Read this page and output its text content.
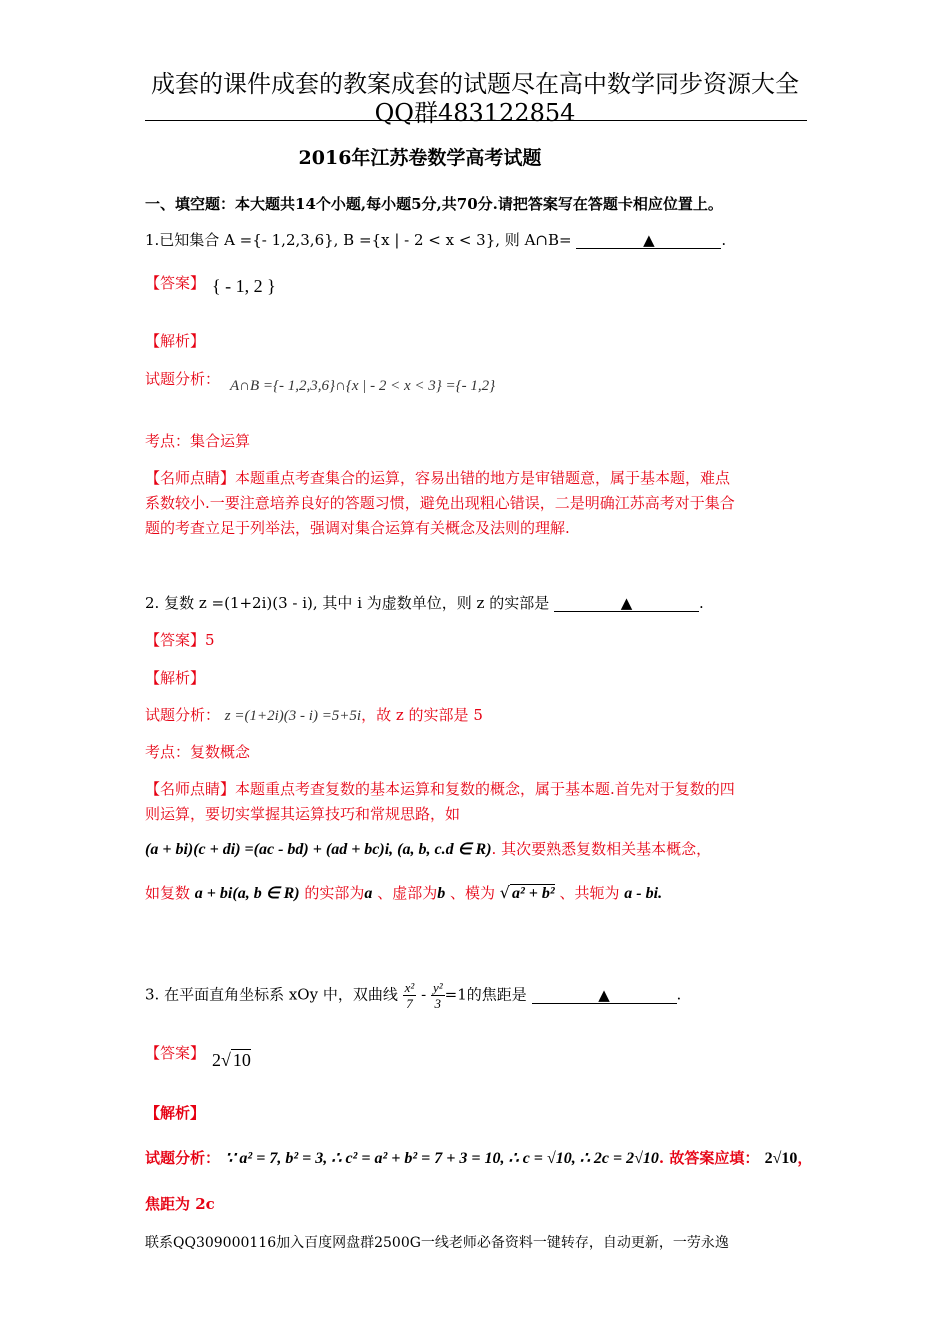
成套的课件成套的教案成套的试题尽在高中数学同步资源大全
QQ群483122854
2016年江苏卷数学高考试题
一、填空题：本大题共14个小题,每小题5分,共70分.请把答案写在答题卡相应位置上。
1.已知集合 A ={- 1,2,3,6}, B ={x | - 2 < x < 3}, 则 A∩B=	▲	.
【答案】 { - 1, 2 }
【解析】
试题分析： A∩B ={- 1,2,3,6}∩{x | - 2 < x < 3} ={- 1,2}
考点：集合运算
【名师点睛】本题重点考查集合的运算，容易出错的地方是审错题意，属于基本题，难点
系数较小.一要注意培养良好的答题习惯，避免出现粗心错误，二是明确江苏高考对于集合
题的考查立足于列举法，强调对集合运算有关概念及法则的理解.
2. 复数 z =(1+2i)(3 - i), 其中 i 为虚数单位，则 z 的实部是	▲	.
【答案】5
【解析】
试题分析： z =(1+2i)(3 - i) =5+5i，故 z 的实部是 5
考点：复数概念
【名师点睛】本题重点考查复数的基本运算和复数的概念，属于基本题.首先对于复数的四
则运算，要切实掌握其运算技巧和常规思路，如
(a + bi)(c + di) =(ac - bd) + (ad + bc)i, (a, b, c.d ∈ R). 其次要熟悉复数相关基本概念，
如复数 a + bi(a, b ∈ R) 的实部为a 、虚部为b 、模为 √ a² + b² 、共轭为 a - bi.
3. 在平面直角坐标系 xOy 中，双曲线 $\frac{\text{x²}}{7} - \frac{\text{y²}}{3} =1$的焦距是	▲	.
【答案】 2√ 10
【解析】
试题分析： ∵ a² = 7, b² = 3, ∴ c² = a² + b² = 7 + 3 = 10, ∴ c = √10, ∴ 2c = 2√10. 故答案应填： 2√10，
焦距为 2c
联系QQ309000116加入百度网盘群2500G一线老师必备资料一键转存，自动更新，一劳永逸
